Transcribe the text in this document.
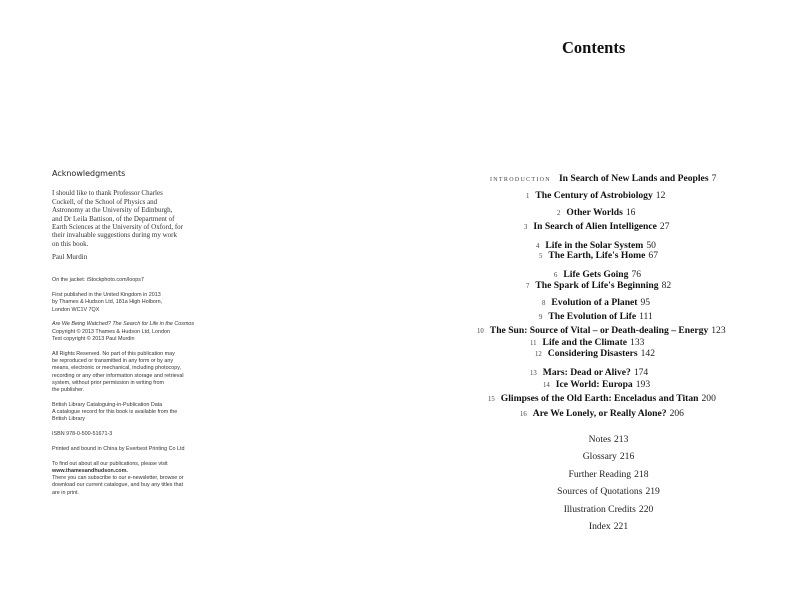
Acknowledgments
I should like to thank Professor Charles
Cockell, of the School of Physics and
Astronomy at the University of Edinburgh,
and Dr Leila Battison, of the Department of
Earth Sciences at the University of Oxford, for
their invaluable suggestions during my work
on this book.
Paul Murdin
On the jacket: iStockphoto.com/loops7
First published in the United Kingdom in 2013
by Thames & Hudson Ltd, 181a High Holborn,
London WC1V 7QX
Are We Being Watched? The Search for Life in the Cosmos
Copyright © 2013 Thames & Hudson Ltd, London
Text copyright © 2013 Paul Murdin
All Rights Reserved. No part of this publication may
be reproduced or transmitted in any form or by any
means, electronic or mechanical, including photocopy,
recording or any other information storage and retrieval
system, without prior permission in writing from
the publisher.
British Library Cataloguing-in-Publication Data
A catalogue record for this book is available from the
British Library
ISBN 978-0-500-51671-3
Printed and bound in China by Everbest Printing Co Ltd
To find out about all our publications, please visit
www.thamesandhudson.com.
There you can subscribe to our e-newsletter, browse or
download our current catalogue, and buy any titles that
are in print.
Contents
INTRODUCTION In Search of New Lands and Peoples 7
1 The Century of Astrobiology 12
2 Other Worlds 16
3 In Search of Alien Intelligence 27
4 Life in the Solar System 50
5 The Earth, Life's Home 67
6 Life Gets Going 76
7 The Spark of Life's Beginning 82
8 Evolution of a Planet 95
9 The Evolution of Life 111
10 The Sun: Source of Vital – or Death-dealing – Energy 123
11 Life and the Climate 133
12 Considering Disasters 142
13 Mars: Dead or Alive? 174
14 Ice World: Europa 193
15 Glimpses of the Old Earth: Enceladus and Titan 200
16 Are We Lonely, or Really Alone? 206
Notes 213
Glossary 216
Further Reading 218
Sources of Quotations 219
Illustration Credits 220
Index 221
